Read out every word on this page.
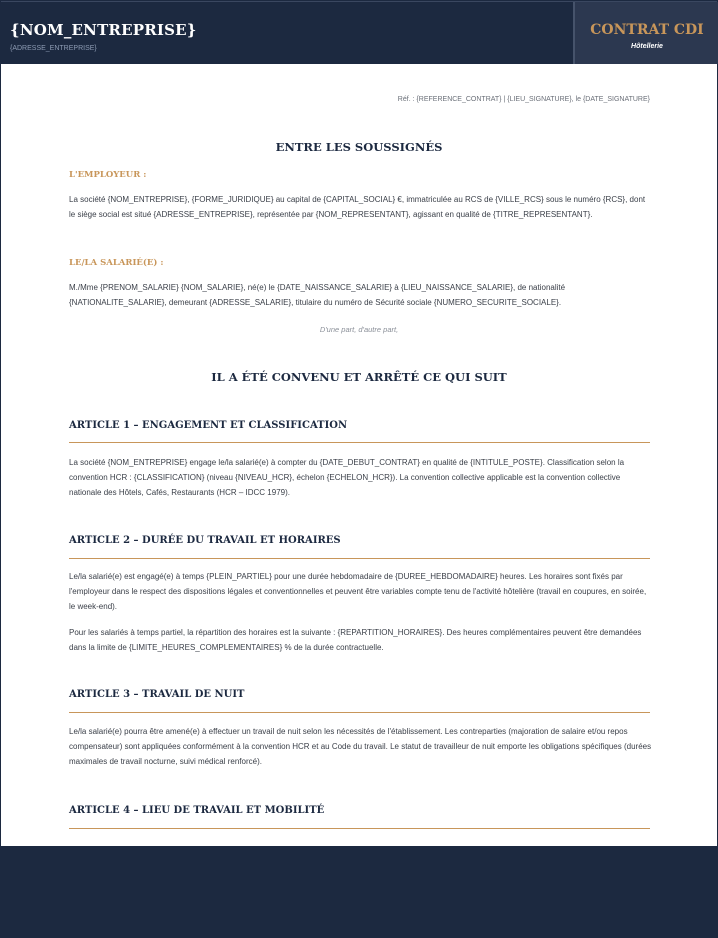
{NOM_ENTREPRISE}
{ADRESSE_ENTREPRISE}
CONTRAT CDI
Hôtellerie
Réf. : {REFERENCE_CONTRAT} | {LIEU_SIGNATURE}, le {DATE_SIGNATURE}
ENTRE LES SOUSSIGNÉS
L'EMPLOYEUR :
La société {NOM_ENTREPRISE}, {FORME_JURIDIQUE} au capital de {CAPITAL_SOCIAL} €, immatriculée au RCS de {VILLE_RCS} sous le numéro {RCS}, dont le siège social est situé {ADRESSE_ENTREPRISE}, représentée par {NOM_REPRESENTANT}, agissant en qualité de {TITRE_REPRESENTANT}.
LE/LA SALARIÉ(E) :
M./Mme {PRENOM_SALARIE} {NOM_SALARIE}, né(e) le {DATE_NAISSANCE_SALARIE} à {LIEU_NAISSANCE_SALARIE}, de nationalité {NATIONALITE_SALARIE}, demeurant {ADRESSE_SALARIE}, titulaire du numéro de Sécurité sociale {NUMERO_SECURITE_SOCIALE}.
D'une part, d'autre part,
IL A ÉTÉ CONVENU ET ARRÊTÉ CE QUI SUIT
ARTICLE 1 – ENGAGEMENT ET CLASSIFICATION
La société {NOM_ENTREPRISE} engage le/la salarié(e) à compter du {DATE_DEBUT_CONTRAT} en qualité de {INTITULE_POSTE}. Classification selon la convention HCR : {CLASSIFICATION} (niveau {NIVEAU_HCR}, échelon {ECHELON_HCR}). La convention collective applicable est la convention collective nationale des Hôtels, Cafés, Restaurants (HCR – IDCC 1979).
ARTICLE 2 – DURÉE DU TRAVAIL ET HORAIRES
Le/la salarié(e) est engagé(e) à temps {PLEIN_PARTIEL} pour une durée hebdomadaire de {DUREE_HEBDOMADAIRE} heures. Les horaires sont fixés par l'employeur dans le respect des dispositions légales et conventionnelles et peuvent être variables compte tenu de l'activité hôtelière (travail en coupures, en soirée, le week-end).
Pour les salariés à temps partiel, la répartition des horaires est la suivante : {REPARTITION_HORAIRES}. Des heures complémentaires peuvent être demandées dans la limite de {LIMITE_HEURES_COMPLEMENTAIRES} % de la durée contractuelle.
ARTICLE 3 – TRAVAIL DE NUIT
Le/la salarié(e) pourra être amené(e) à effectuer un travail de nuit selon les nécessités de l'établissement. Les contreparties (majoration de salaire et/ou repos compensateur) sont appliquées conformément à la convention HCR et au Code du travail. Le statut de travailleur de nuit emporte les obligations spécifiques (durées maximales de travail nocturne, suivi médical renforcé).
ARTICLE 4 – LIEU DE TRAVAIL ET MOBILITÉ
